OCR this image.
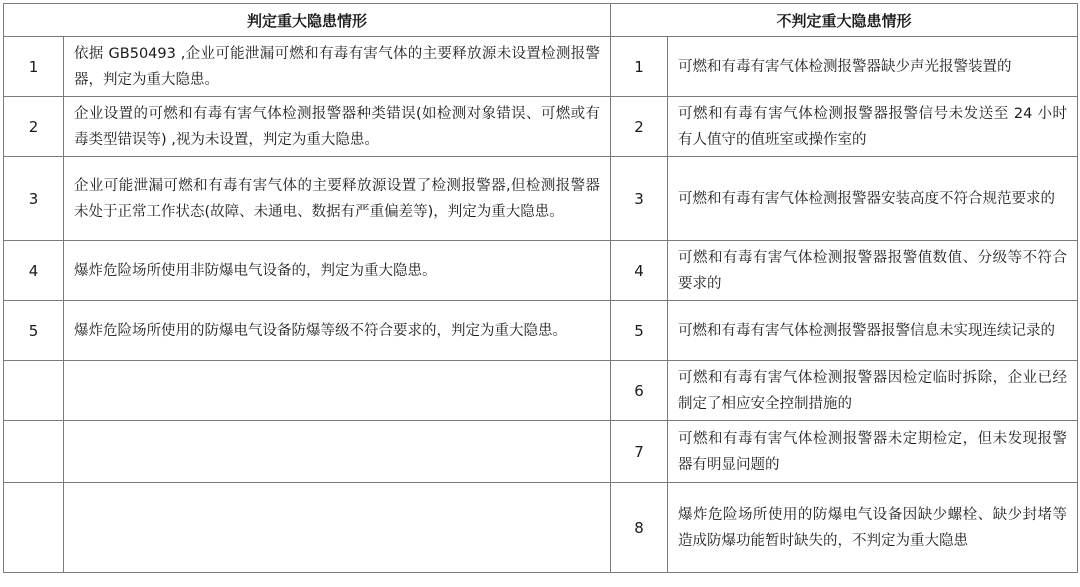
判定重大隐患情形		不判定重大隐患情形	
1	依据 GB50493 ,企业可能泄漏可燃和有毒有害气体的主要释放源未设置检测报警器，判定为重大隐患。	1	可燃和有毒有害气体检测报警器缺少声光报警装置的
2	企业设置的可燃和有毒有害气体检测报警器种类错误(如检测对象错误、可燃或有毒类型错误等) ,视为未设置，判定为重大隐患。	2	可燃和有毒有害气体检测报警器报警信号未发送至 24 小时有人值守的值班室或操作室的
3	企业可能泄漏可燃和有毒有害气体的主要释放源设置了检测报警器,但检测报警器未处于正常工作状态(故障、未通电、数据有严重偏差等)，判定为重大隐患。	3	可燃和有毒有害气体检测报警器安装高度不符合规范要求的
4	爆炸危险场所使用非防爆电气设备的，判定为重大隐患。	4	可燃和有毒有害气体检测报警器报警值数值、分级等不符合要求的
5	爆炸危险场所使用的防爆电气设备防爆等级不符合要求的，判定为重大隐患。	5	可燃和有毒有害气体检测报警器报警信息未实现连续记录的
		6	可燃和有毒有害气体检测报警器因检定临时拆除，企业已经制定了相应安全控制措施的
		7	可燃和有毒有害气体检测报警器未定期检定，但未发现报警器有明显问题的
		8	爆炸危险场所使用的防爆电气设备因缺少螺栓、缺少封堵等造成防爆功能暂时缺失的，不判定为重大隐患
